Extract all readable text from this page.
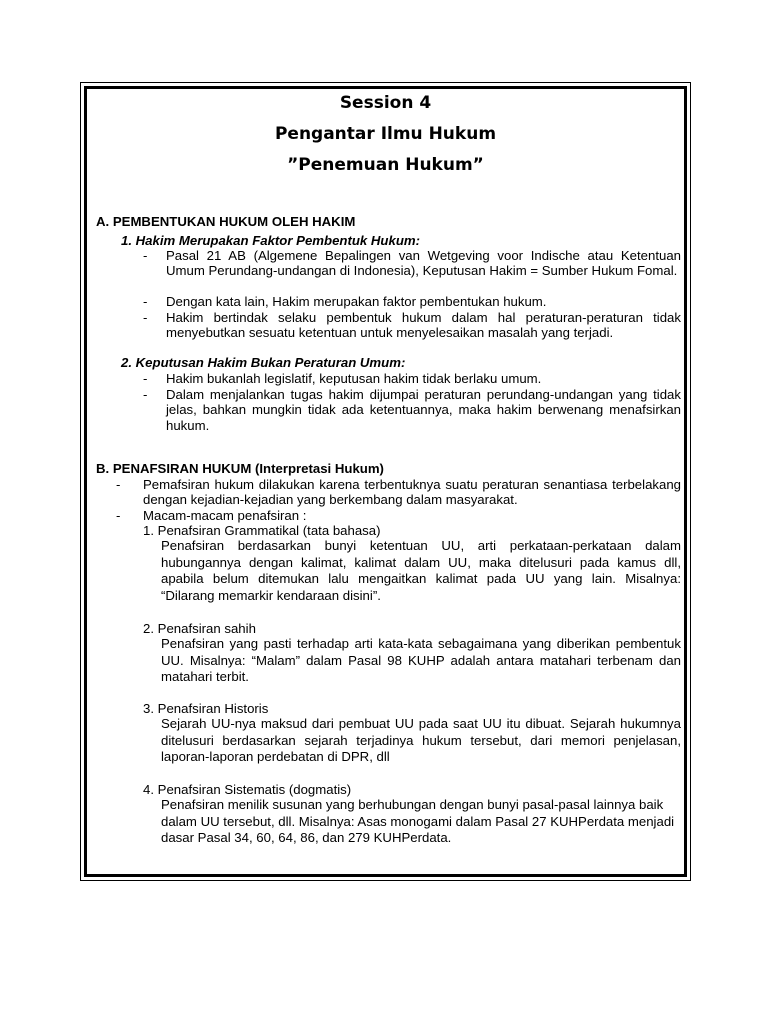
Session 4
Pengantar Ilmu Hukum
”Penemuan Hukum”
A. PEMBENTUKAN HUKUM OLEH HAKIM
1. Hakim Merupakan Faktor Pembentuk Hukum:
- Pasal 21 AB (Algemene Bepalingen van Wetgeving voor Indische atau Ketentuan Umum Perundang-undangan di Indonesia), Keputusan Hakim = Sumber Hukum Fomal.
- Dengan kata lain, Hakim merupakan faktor pembentukan hukum.
- Hakim bertindak selaku pembentuk hukum dalam hal peraturan-peraturan tidak menyebutkan sesuatu ketentuan untuk menyelesaikan masalah yang terjadi.
2. Keputusan Hakim Bukan Peraturan Umum:
- Hakim bukanlah legislatif, keputusan hakim tidak berlaku umum.
- Dalam menjalankan tugas hakim dijumpai peraturan perundang-undangan yang tidak jelas, bahkan mungkin tidak ada ketentuannya, maka hakim berwenang menafsirkan hukum.
B. PENAFSIRAN HUKUM (Interpretasi Hukum)
- Pemafsiran hukum dilakukan karena terbentuknya suatu peraturan senantiasa terbelakang dengan kejadian-kejadian yang berkembang dalam masyarakat.
- Macam-macam penafsiran :
1. Penafsiran Grammatikal (tata bahasa)
Penafsiran berdasarkan bunyi ketentuan UU, arti perkataan-perkataan dalam hubungannya dengan kalimat, kalimat dalam UU, maka ditelusuri pada kamus dll, apabila belum ditemukan lalu mengaitkan kalimat pada UU yang lain. Misalnya: “Dilarang memarkir kendaraan disini”.
2. Penafsiran sahih
Penafsiran yang pasti terhadap arti kata-kata sebagaimana yang diberikan pembentuk UU. Misalnya: “Malam” dalam Pasal 98 KUHP adalah antara matahari terbenam dan matahari terbit.
3. Penafsiran Historis
Sejarah UU-nya maksud dari pembuat UU pada saat UU itu dibuat. Sejarah hukumnya ditelusuri berdasarkan sejarah terjadinya hukum tersebut, dari memori penjelasan, laporan-laporan perdebatan di DPR, dll
4. Penafsiran Sistematis (dogmatis)
Penafsiran menilik susunan yang berhubungan dengan bunyi pasal-pasal lainnya baik dalam UU tersebut, dll. Misalnya: Asas monogami dalam Pasal 27 KUHPerdata menjadi dasar Pasal 34, 60, 64, 86, dan 279 KUHPerdata.
